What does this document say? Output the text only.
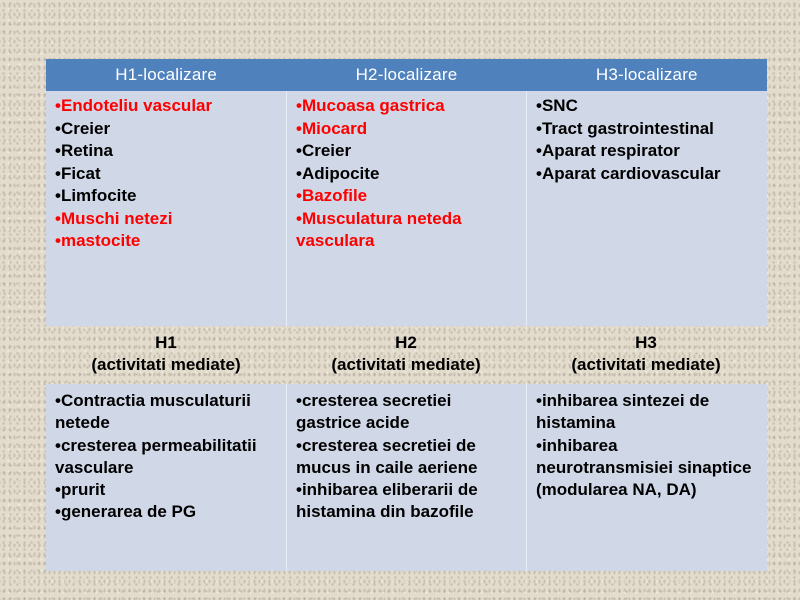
H1-localizare	H2-localizare	H3-localizare
•Endoteliu vascular
•Creier
•Retina
•Ficat
•Limfocite
•Muschi netezi
•mastocite
•Mucoasa gastrica
•Miocard
•Creier
•Adipocite
•Bazofile
•Musculatura neteda vasculara
•SNC
•Tract gastrointestinal
•Aparat respirator
•Aparat cardiovascular
H1
(activitati mediate)
H2
(activitati mediate)
H3
(activitati mediate)
•Contractia musculaturii netede
•cresterea permeabilitatii vasculare
•prurit
•generarea de PG
•cresterea secretiei gastrice acide
•cresterea secretiei de mucus in caile aeriene
•inhibarea eliberarii de histamina din bazofile
•inhibarea sintezei de histamina
•inhibarea neurotransmisiei sinaptice (modularea NA, DA)
